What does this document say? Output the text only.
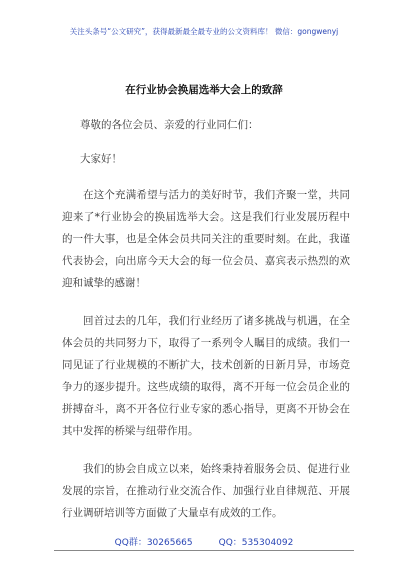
关注头条号“公文研究”，获得最新最全最专业的公文资料库！ 微信：gongwenyj
在行业协会换届选举大会上的致辞
尊敬的各位会员、亲爱的行业同仁们：
大家好！
在这个充满希望与活力的美好时节，我们齐聚一堂，共同迎来了*行业协会的换届选举大会。这是我们行业发展历程中的一件大事，也是全体会员共同关注的重要时刻。在此，我谨代表协会，向出席今天大会的每一位会员、嘉宾表示热烈的欢迎和诚挚的感谢！
回首过去的几年，我们行业经历了诸多挑战与机遇，在全体会员的共同努力下，取得了一系列令人瞩目的成绩。我们一同见证了行业规模的不断扩大，技术创新的日新月异，市场竞争力的逐步提升。这些成绩的取得，离不开每一位会员企业的拼搏奋斗，离不开各位行业专家的悉心指导，更离不开协会在其中发挥的桥梁与纽带作用。
我们的协会自成立以来，始终秉持着服务会员、促进行业发展的宗旨，在推动行业交流合作、加强行业自律规范、开展行业调研培训等方面做了大量卓有成效的工作。
QQ群：30265665	QQ：535304092
